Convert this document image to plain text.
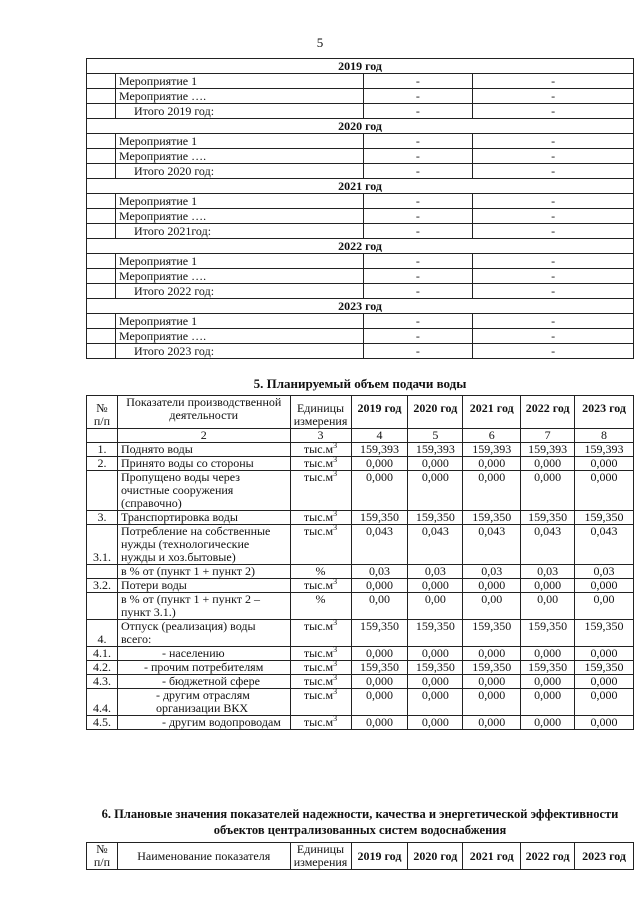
5
2019 год			
	Мероприятие 1	-	-
	Мероприятие ….	-	-
	Итого 2019 год:	-	-
2020 год			
	Мероприятие 1	-	-
	Мероприятие ….	-	-
	Итого 2020 год:	-	-
2021 год			
	Мероприятие 1	-	-
	Мероприятие ….	-	-
	Итого 2021год:	-	-
2022 год			
	Мероприятие 1	-	-
	Мероприятие ….	-	-
	Итого 2022 год:	-	-
2023 год			
	Мероприятие 1	-	-
	Мероприятие ….	-	-
	Итого 2023 год:	-	-
5. Планируемый объем подачи воды
№ п/п	Показатели производственной деятельности	Единицы измерения	2019 год	2020 год	2021 год	2022 год	2023 год
	2	3	4	5	6	7	8
1.	Поднято воды	$тыс.м^3$	159,393	159,393	159,393	159,393	159,393
2.	Принято воды со стороны	$тыс.м^3$	0,000	0,000	0,000	0,000	0,000
	Пропущено воды через очистные сооружения (справочно)	$тыс.м^3$	0,000	0,000	0,000	0,000	0,000
3.	Транспортировка воды	$тыс.м^3$	159,350	159,350	159,350	159,350	159,350
3.1.	Потребление на собственные нужды (технологические нужды и хоз.бытовые)	$тыс.м^3$	0,043	0,043	0,043	0,043	0,043
	в % от (пункт 1 + пункт 2)	%	0,03	0,03	0,03	0,03	0,03
3.2.	Потери воды	$тыс.м^3$	0,000	0,000	0,000	0,000	0,000
	в % от (пункт 1 + пункт 2 – пункт 3.1.)	%	0,00	0,00	0,00	0,00	0,00
4.	Отпуск (реализация) воды всего:	$тыс.м^3$	159,350	159,350	159,350	159,350	159,350
4.1.	- населению	$тыс.м^3$	0,000	0,000	0,000	0,000	0,000
4.2.	- прочим потребителям	$тыс.м^3$	159,350	159,350	159,350	159,350	159,350
4.3.	- бюджетной сфере	$тыс.м^3$	0,000	0,000	0,000	0,000	0,000
4.4.	- другим отраслям организации ВКХ	$тыс.м^3$	0,000	0,000	0,000	0,000	0,000
4.5.	- другим водопроводам	$тыс.м^3$	0,000	0,000	0,000	0,000	0,000
6. Плановые значения показателей надежности, качества и энергетической эффективности объектов централизованных систем водоснабжения
№ п/п	Наименование показателя	Единицы измерения	2019 год	2020 год	2021 год	2022 год	2023 год
